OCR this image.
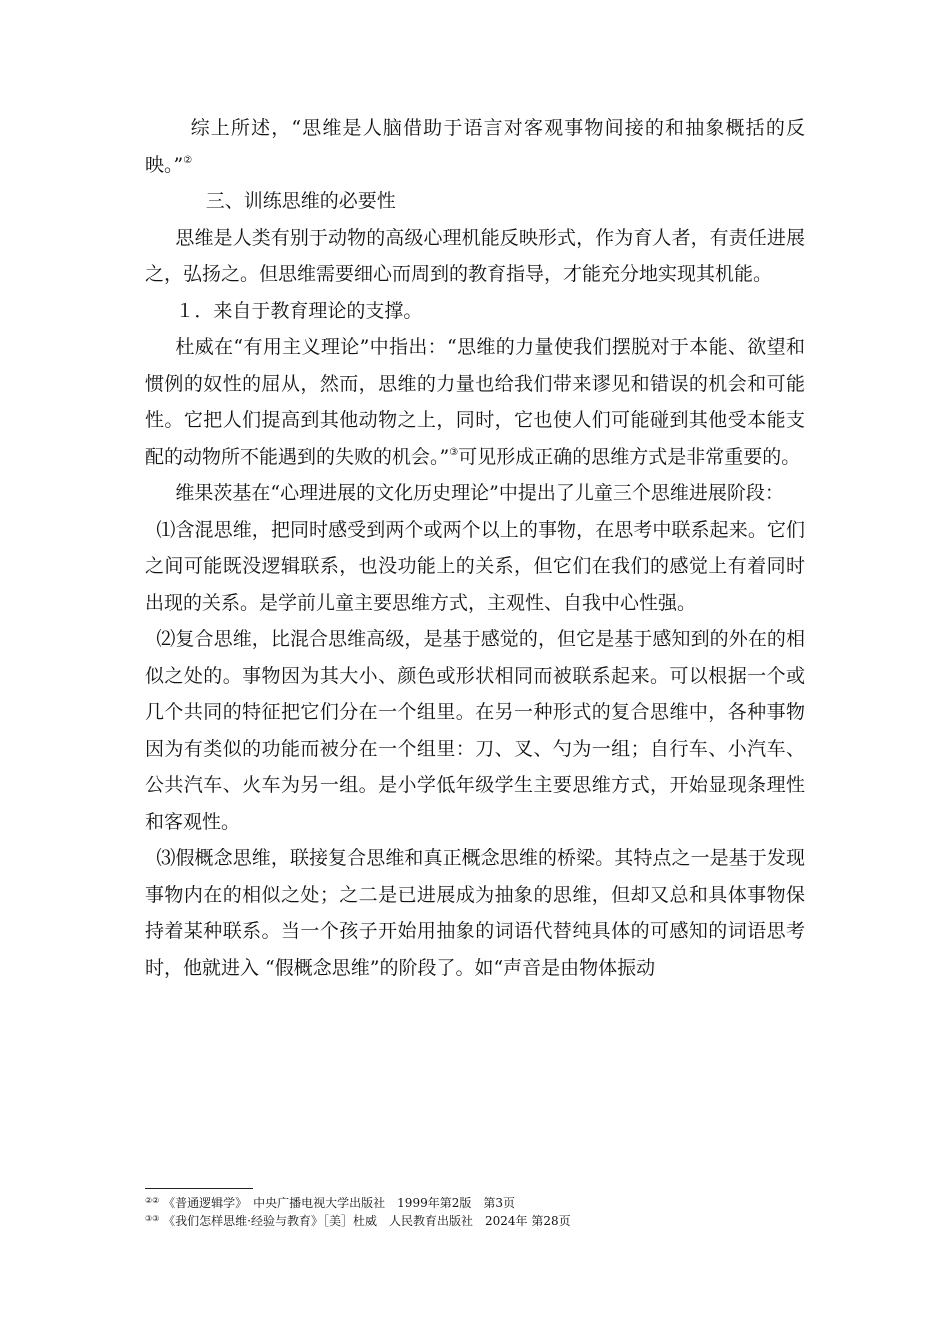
综上所述，“思维是人脑借助于语言对客观事物间接的和抽象概括的反映。”②

三、训练思维的必要性

思维是人类有别于动物的高级心理机能反映形式，作为育人者，有责任进展之，弘扬之。但思维需要细心而周到的教育指导，才能充分地实现其机能。

１．来自于教育理论的支撑。

杜威在“有用主义理论”中指出：“思维的力量使我们摆脱对于本能、欲望和惯例的奴性的屈从，然而，思维的力量也给我们带来谬见和错误的机会和可能性。它把人们提高到其他动物之上，同时，它也使人们可能碰到其他受本能支配的动物所不能遇到的失败的机会。”③可见形成正确的思维方式是非常重要的。

维果茨基在“心理进展的文化历史理论”中提出了儿童三个思维进展阶段：

⑴含混思维，把同时感受到两个或两个以上的事物，在思考中联系起来。它们之间可能既没逻辑联系，也没功能上的关系，但它们在我们的感觉上有着同时出现的关系。是学前儿童主要思维方式，主观性、自我中心性强。

⑵复合思维，比混合思维高级，是基于感觉的，但它是基于感知到的外在的相似之处的。事物因为其大小、颜色或形状相同而被联系起来。可以根据一个或几个共同的特征把它们分在一个组里。在另一种形式的复合思维中，各种事物因为有类似的功能而被分在一个组里：刀、叉、勺为一组；自行车、小汽车、公共汽车、火车为另一组。是小学低年级学生主要思维方式，开始显现条理性和客观性。

⑶假概念思维，联接复合思维和真正概念思维的桥梁。其特点之一是基于发现事物内在的相似之处；之二是已进展成为抽象的思维，但却又总和具体事物保持着某种联系。当一个孩子开始用抽象的词语代替纯具体的可感知的词语思考时，他就进入 “假概念思维”的阶段了。如“声音是由物体振动

②② 《普通逻辑学》　中央广播电视大学出版社　1999年第2版　第3页

③③ 《我们怎样思维·经验与教育》［美］杜威　人民教育出版社　2024年 第28页
